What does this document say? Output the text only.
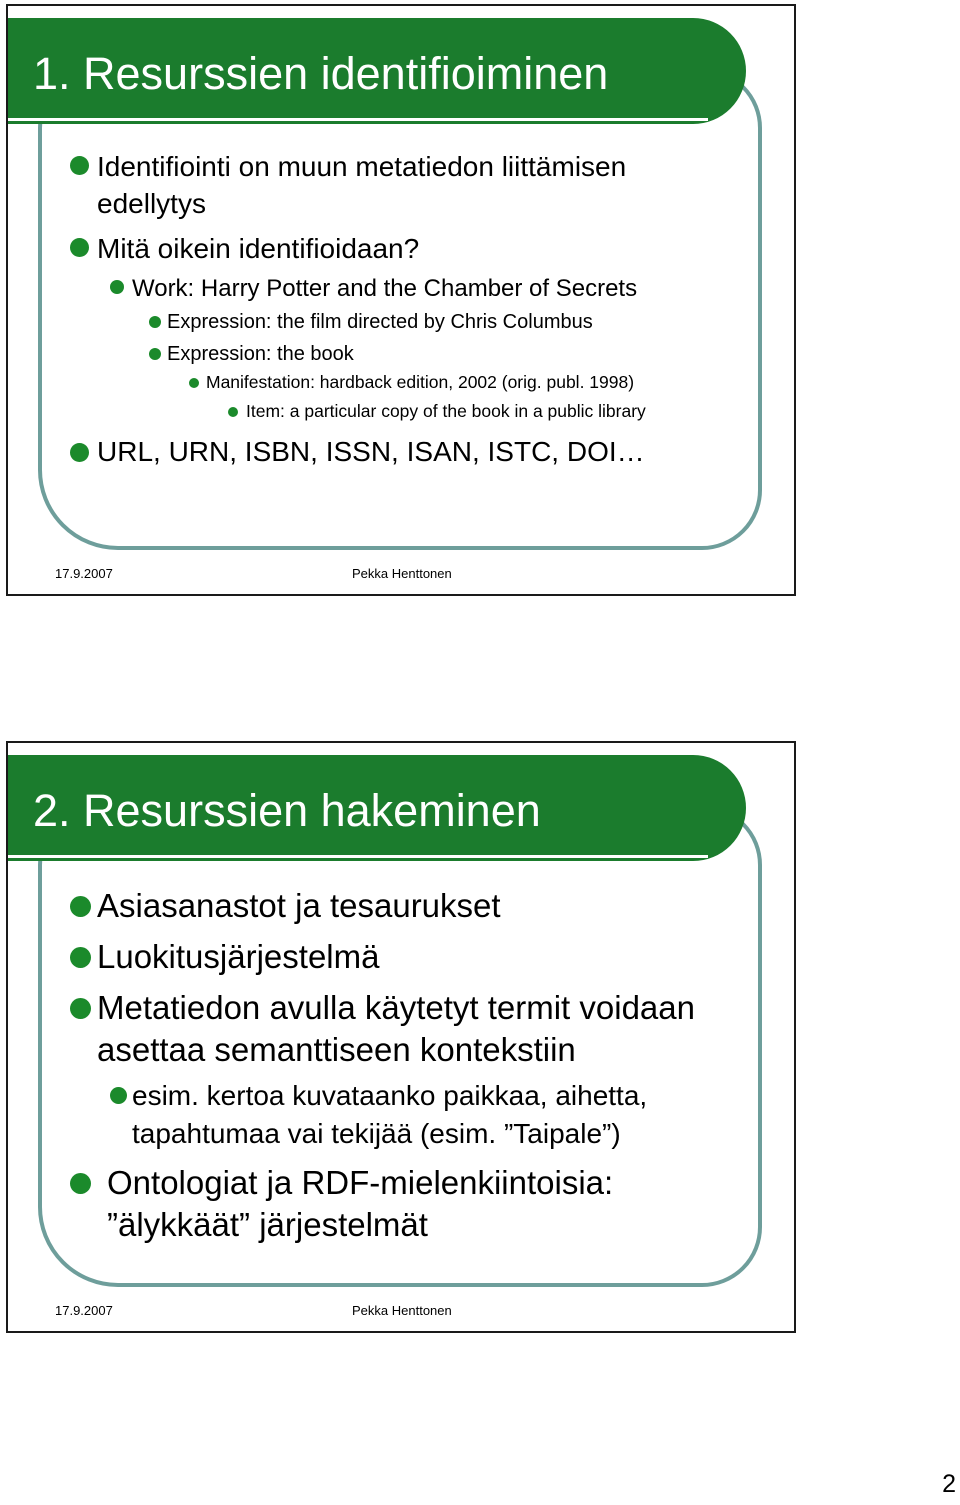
1. Resurssien identifioiminen
Identifiointi on muun metatiedon liittämisen
edellytys
Mitä oikein identifioidaan?
Work: Harry Potter and the Chamber of Secrets
Expression: the film directed by Chris Columbus
Expression: the book
Manifestation: hardback edition, 2002 (orig. publ. 1998)
Item: a particular copy of the book in a public library
URL, URN, ISBN, ISSN, ISAN, ISTC, DOI…
17.9.2007	Pekka Henttonen
2. Resurssien hakeminen
Asiasanastot ja tesaurukset
Luokitusjärjestelmä
Metatiedon avulla käytetyt termit voidaan
asettaa semanttiseen kontekstiin
esim. kertoa kuvataanko paikkaa, aihetta,
tapahtumaa vai tekijää (esim. ”Taipale”)
Ontologiat ja RDF-mielenkiintoisia:
”älykkäät” järjestelmät
17.9.2007	Pekka Henttonen
2
